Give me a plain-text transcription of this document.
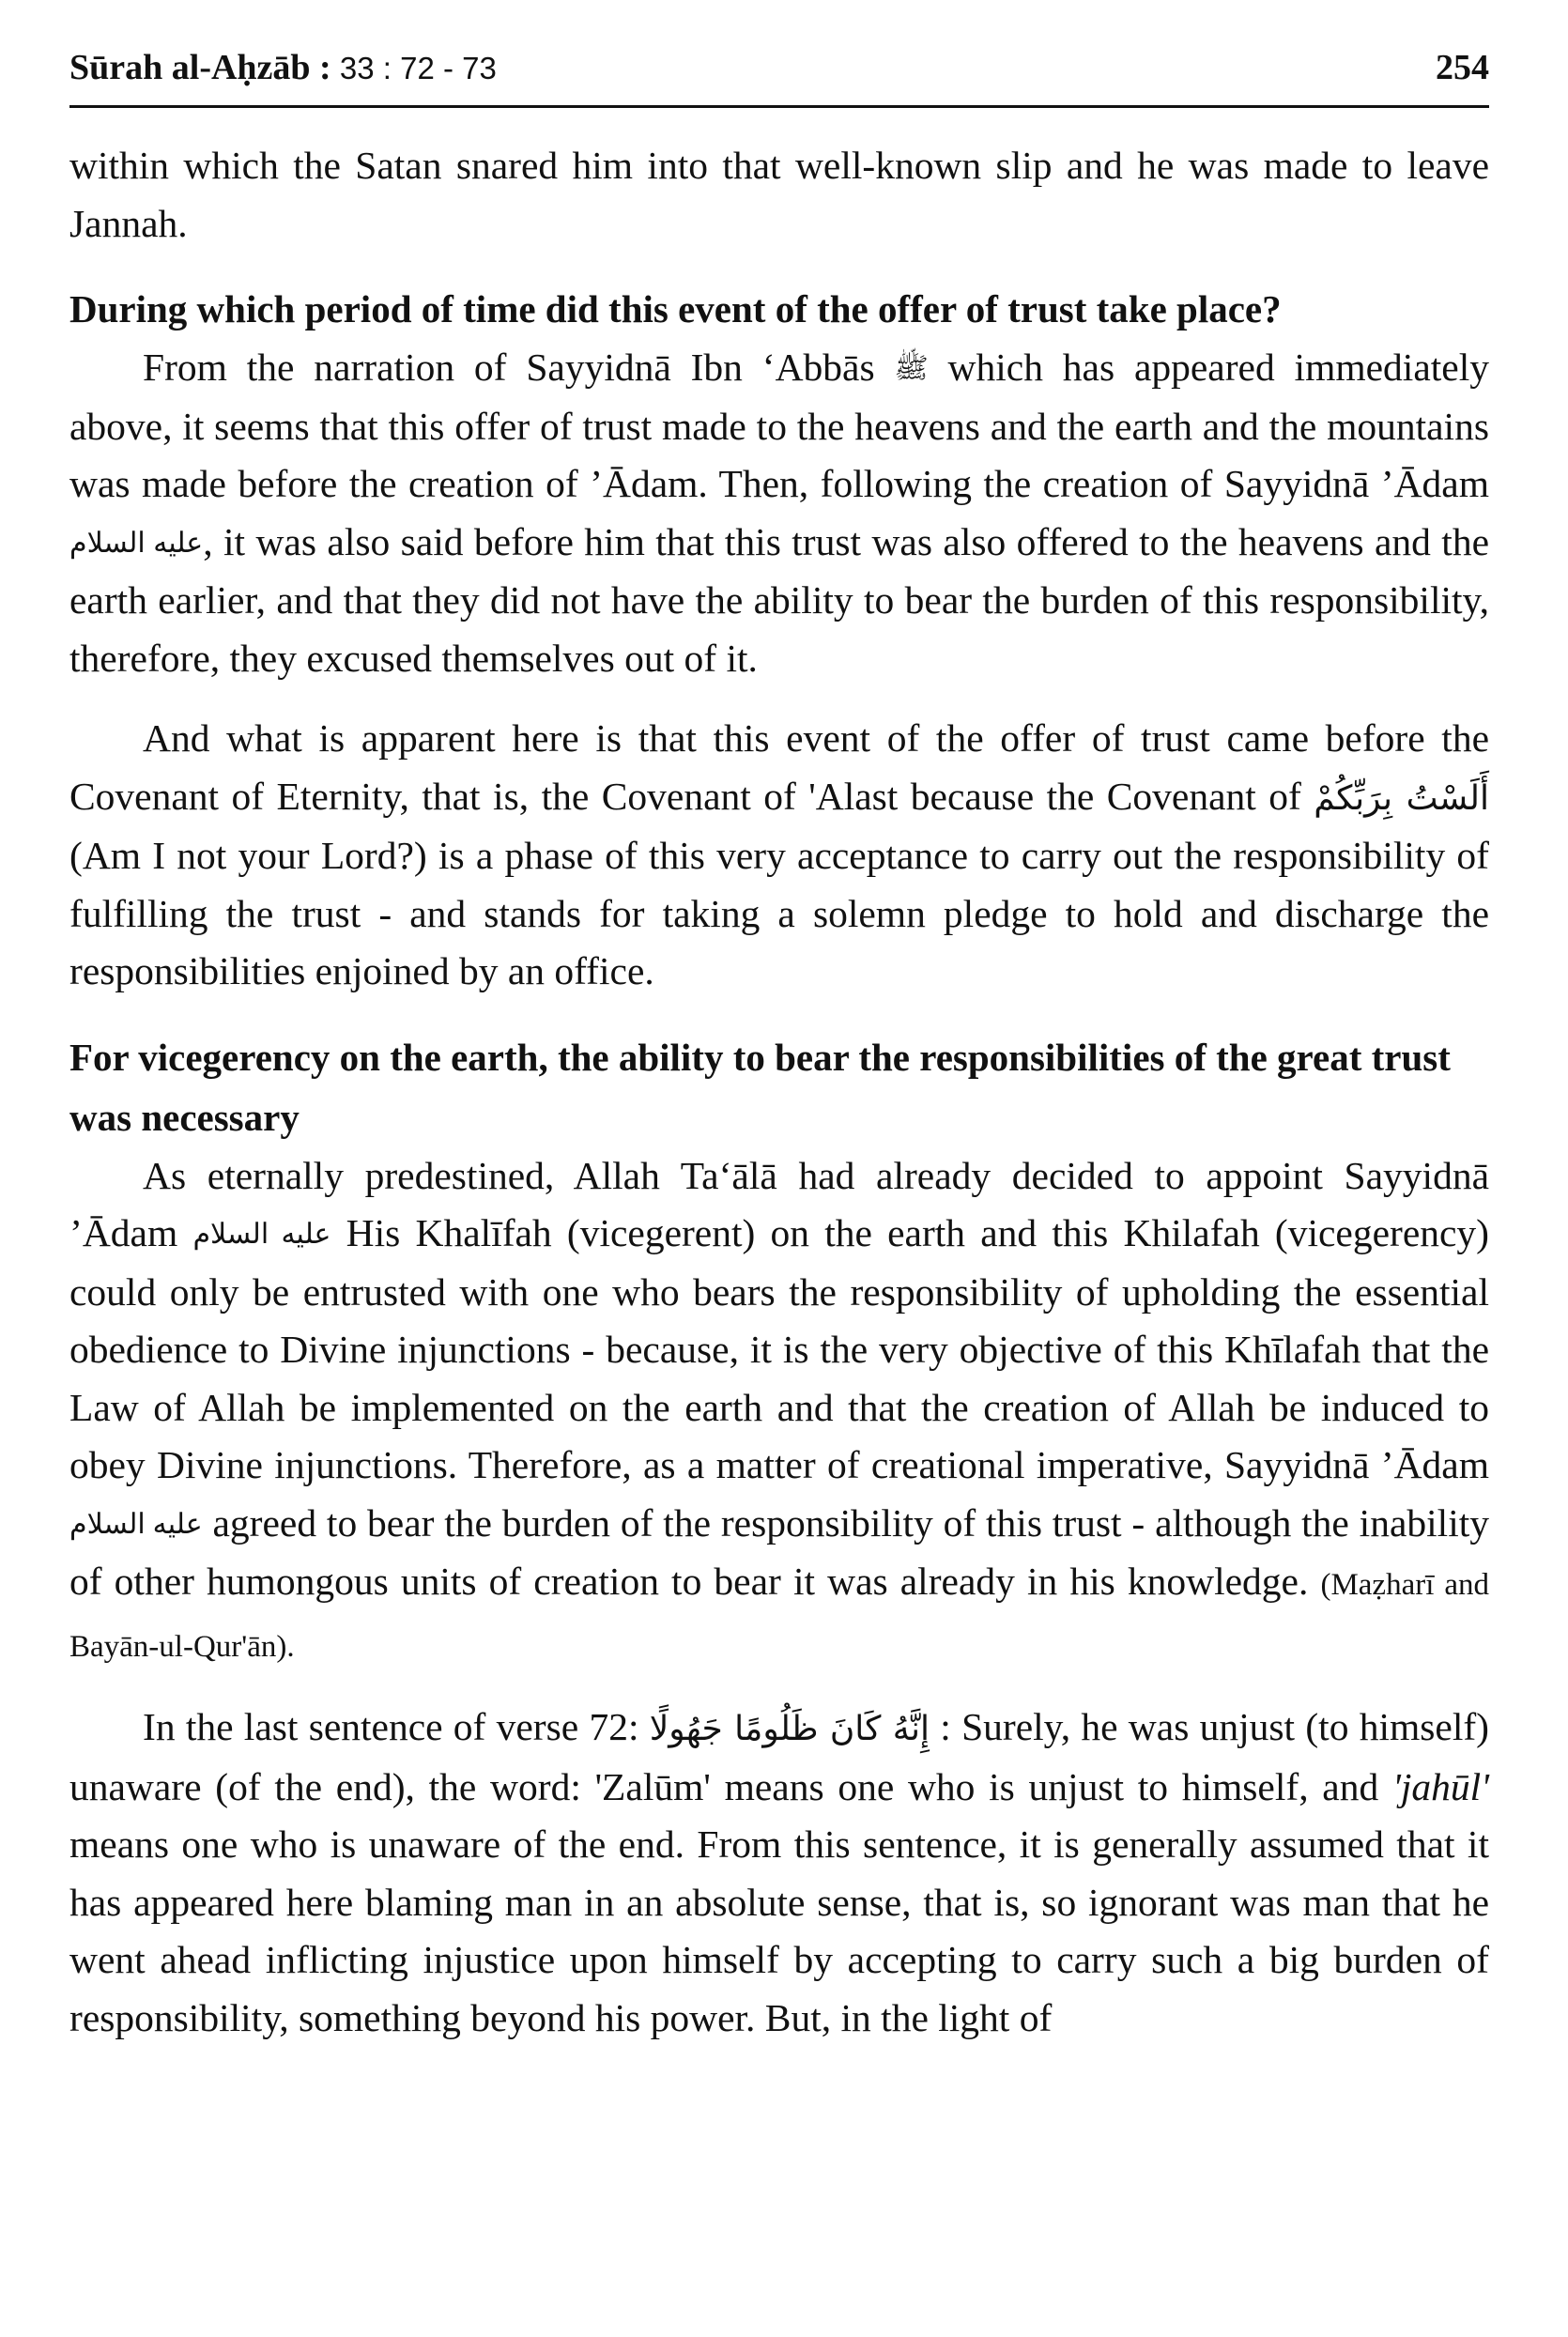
Sūrah al-Aḥzāb : 33 : 72 - 73	254

within which the Satan snared him into that well-known slip and he was made to leave Jannah.

During which period of time did this event of the offer of trust take place?

From the narration of Sayyidnā Ibn ‘Abbās ﷺ which has appeared immediately above, it seems that this offer of trust made to the heavens and the earth and the mountains was made before the creation of ’Ādam. Then, following the creation of Sayyidnā ’Ādam عليه السلام, it was also said before him that this trust was also offered to the heavens and the earth earlier, and that they did not have the ability to bear the burden of this responsibility, therefore, they excused themselves out of it.

And what is apparent here is that this event of the offer of trust came before the Covenant of Eternity, that is, the Covenant of 'Alast because the Covenant of أَلَسْتُ بِرَبِّكُمْ (Am I not your Lord?) is a phase of this very acceptance to carry out the responsibility of fulfilling the trust - and stands for taking a solemn pledge to hold and discharge the responsibilities enjoined by an office.

For vicegerency on the earth, the ability to bear the responsibilities of the great trust was necessary

As eternally predestined, Allah Ta‘ālā had already decided to appoint Sayyidnā ’Ādam عليه السلام His Khalīfah (vicegerent) on the earth and this Khilafah (vicegerency) could only be entrusted with one who bears the responsibility of upholding the essential obedience to Divine injunctions - because, it is the very objective of this Khīlafah that the Law of Allah be implemented on the earth and that the creation of Allah be induced to obey Divine injunctions. Therefore, as a matter of creational imperative, Sayyidnā ’Ādam عليه السلام agreed to bear the burden of the responsibility of this trust - although the inability of other humongous units of creation to bear it was already in his knowledge. (Maẓharī and Bayān-ul-Qur'ān).

In the last sentence of verse 72: إِنَّهُ كَانَ ظَلُومًا جَهُولًا : Surely, he was unjust (to himself) unaware (of the end), the word: 'Zalūm' means one who is unjust to himself, and 'jahūl' means one who is unaware of the end. From this sentence, it is generally assumed that it has appeared here blaming man in an absolute sense, that is, so ignorant was man that he went ahead inflicting injustice upon himself by accepting to carry such a big burden of responsibility, something beyond his power. But, in the light of
